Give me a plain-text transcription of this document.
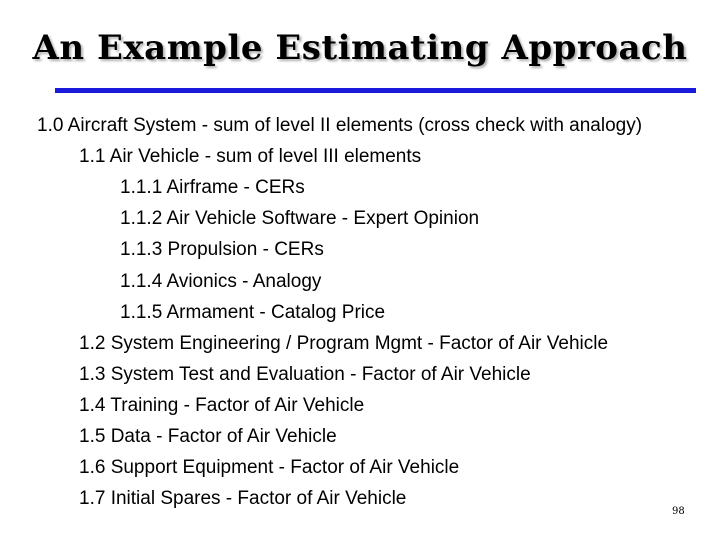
An Example Estimating Approach
1.0 Aircraft System - sum of level II elements (cross check with analogy)
1.1 Air Vehicle - sum of level III elements
1.1.1 Airframe - CERs
1.1.2 Air Vehicle Software - Expert Opinion
1.1.3 Propulsion - CERs
1.1.4 Avionics - Analogy
1.1.5 Armament - Catalog Price
1.2 System Engineering / Program Mgmt - Factor of Air Vehicle
1.3 System Test and Evaluation - Factor of Air Vehicle
1.4 Training - Factor of Air Vehicle
1.5 Data - Factor of Air Vehicle
1.6 Support Equipment - Factor of Air Vehicle
1.7 Initial Spares - Factor of Air Vehicle
98
